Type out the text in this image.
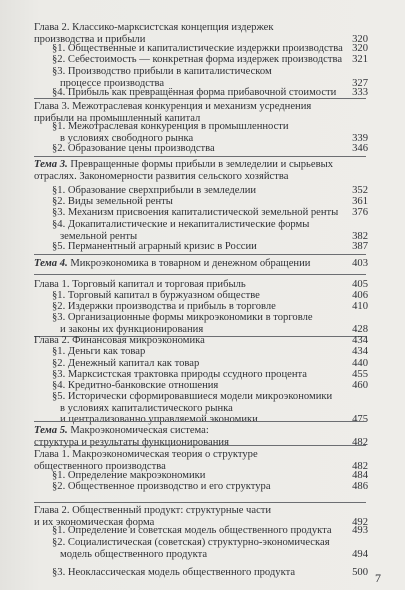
Глава 2. Классико-марксистская концепция издержек
производства и прибыли	320
§1. Общественные и капиталистические издержки производства 320
§2. Себестоимость — конкретная форма издержек производства 321
§3. Производство прибыли в капиталистическом
процессе производства	327
§4. Прибыль как превращённая форма прибавочной стоимости 333
Глава 3. Межотраслевая конкуренция и механизм усреднения
прибыли на промышленный капитал
§1. Межотраслевая конкуренция в промышленности
в условиях свободного рынка	339
§2. Образование цены производства	346
Тема 3. Превращенные формы прибыли в земледелии и сырьевых
отраслях. Закономерности развития сельского хозяйства
§1. Образование сверхприбыли в земледелии	352
§2. Виды земельной ренты	361
§3. Механизм присвоения капиталистической земельной ренты 376
§4. Докапиталистические и некапиталистические формы
земельной ренты	382
§5. Перманентный аграрный кризис в России	387
Тема 4. Микроэкономика в товарном и денежном обращении	403
Глава 1. Торговый капитал и торговая прибыль	405
§1. Торговый капитал в буржуазном обществе	406
§2. Издержки производства и прибыль в торговле	410
§3. Организационные формы микроэкономики в торговле
и законы их функционирования	428
Глава 2. Финансовая микроэкономика	434
§1. Деньги как товар	434
§2. Денежный капитал как товар	440
§3. Марксистская трактовка природы ссудного процента	455
§4. Кредитно-банковские отношения	460
§5. Исторически сформировавшиеся модели микроэкономики
в условиях капиталистического рынка
и централизованно управляемой экономики	475
Тема 5. Макроэкономическая система:
структура и результаты функционирования	482
Глава 1. Макроэкономическая теория о структуре
общественного производства	482
§1. Определение макроэкономики	484
§2. Общественное производство и его структура	486
Глава 2. Общественный продукт: структурные части
и их экономическая форма	492
§1. Определение и советская модель общественного продукта 493
§2. Социалистическая (советская) структурно-экономическая
модель общественного продукта	494
§3. Неоклассическая модель общественного продукта	500 7
